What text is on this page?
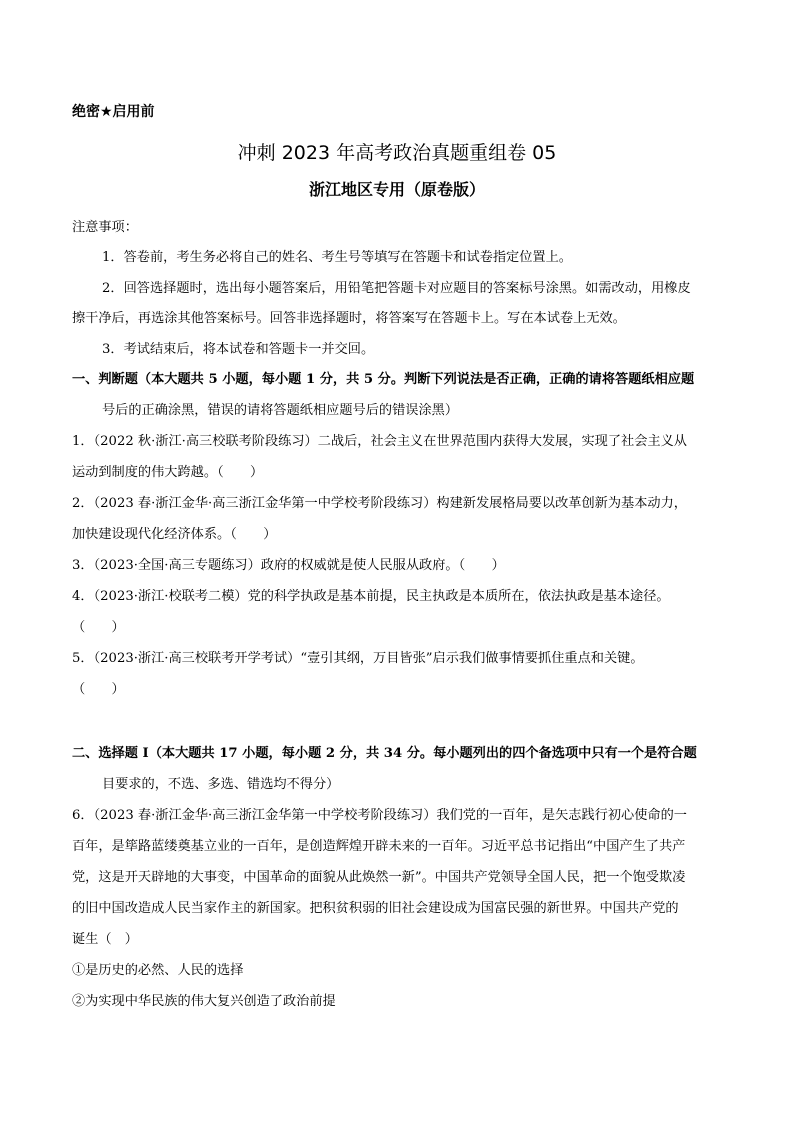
绝密★启用前

冲刺 2023 年高考政治真题重组卷 05

浙江地区专用（原卷版）

注意事项：

1．答卷前，考生务必将自己的姓名、考生号等填写在答题卡和试卷指定位置上。

2．回答选择题时，选出每小题答案后，用铅笔把答题卡对应题目的答案标号涂黑。如需改动，用橡皮

擦干净后，再选涂其他答案标号。回答非选择题时，将答案写在答题卡上。写在本试卷上无效。

3．考试结束后，将本试卷和答题卡一并交回。

一、判断题（本大题共 5 小题，每小题 1 分，共 5 分。判断下列说法是否正确，正确的请将答题纸相应题

号后的正确涂黑，错误的请将答题纸相应题号后的错误涂黑）

1．（2022 秋·浙江·高三校联考阶段练习）二战后，社会主义在世界范围内获得大发展，实现了社会主义从

运动到制度的伟大跨越。（　　）

2．（2023 春·浙江金华·高三浙江金华第一中学校考阶段练习）构建新发展格局要以改革创新为基本动力，

加快建设现代化经济体系。（　　）

3．（2023·全国·高三专题练习）政府的权威就是使人民服从政府。（　　）

4．（2023·浙江·校联考二模）党的科学执政是基本前提，民主执政是本质所在，依法执政是基本途径。

（　　）

5．（2023·浙江·高三校联考开学考试）“壹引其纲，万目皆张”启示我们做事情要抓住重点和关键。

（　　）

二、选择题 I（本大题共 17 小题，每小题 2 分，共 34 分。每小题列出的四个备选项中只有一个是符合题

目要求的，不选、多选、错选均不得分）

6．（2023 春·浙江金华·高三浙江金华第一中学校考阶段练习）我们党的一百年，是矢志践行初心使命的一

百年，是筚路蓝缕奠基立业的一百年，是创造辉煌开辟未来的一百年。习近平总书记指出“中国产生了共产

党，这是开天辟地的大事变，中国革命的面貌从此焕然一新”。中国共产党领导全国人民，把一个饱受欺凌

的旧中国改造成人民当家作主的新国家。把积贫积弱的旧社会建设成为国富民强的新世界。中国共产党的

诞生（　）

①是历史的必然、人民的选择

②为实现中华民族的伟大复兴创造了政治前提
